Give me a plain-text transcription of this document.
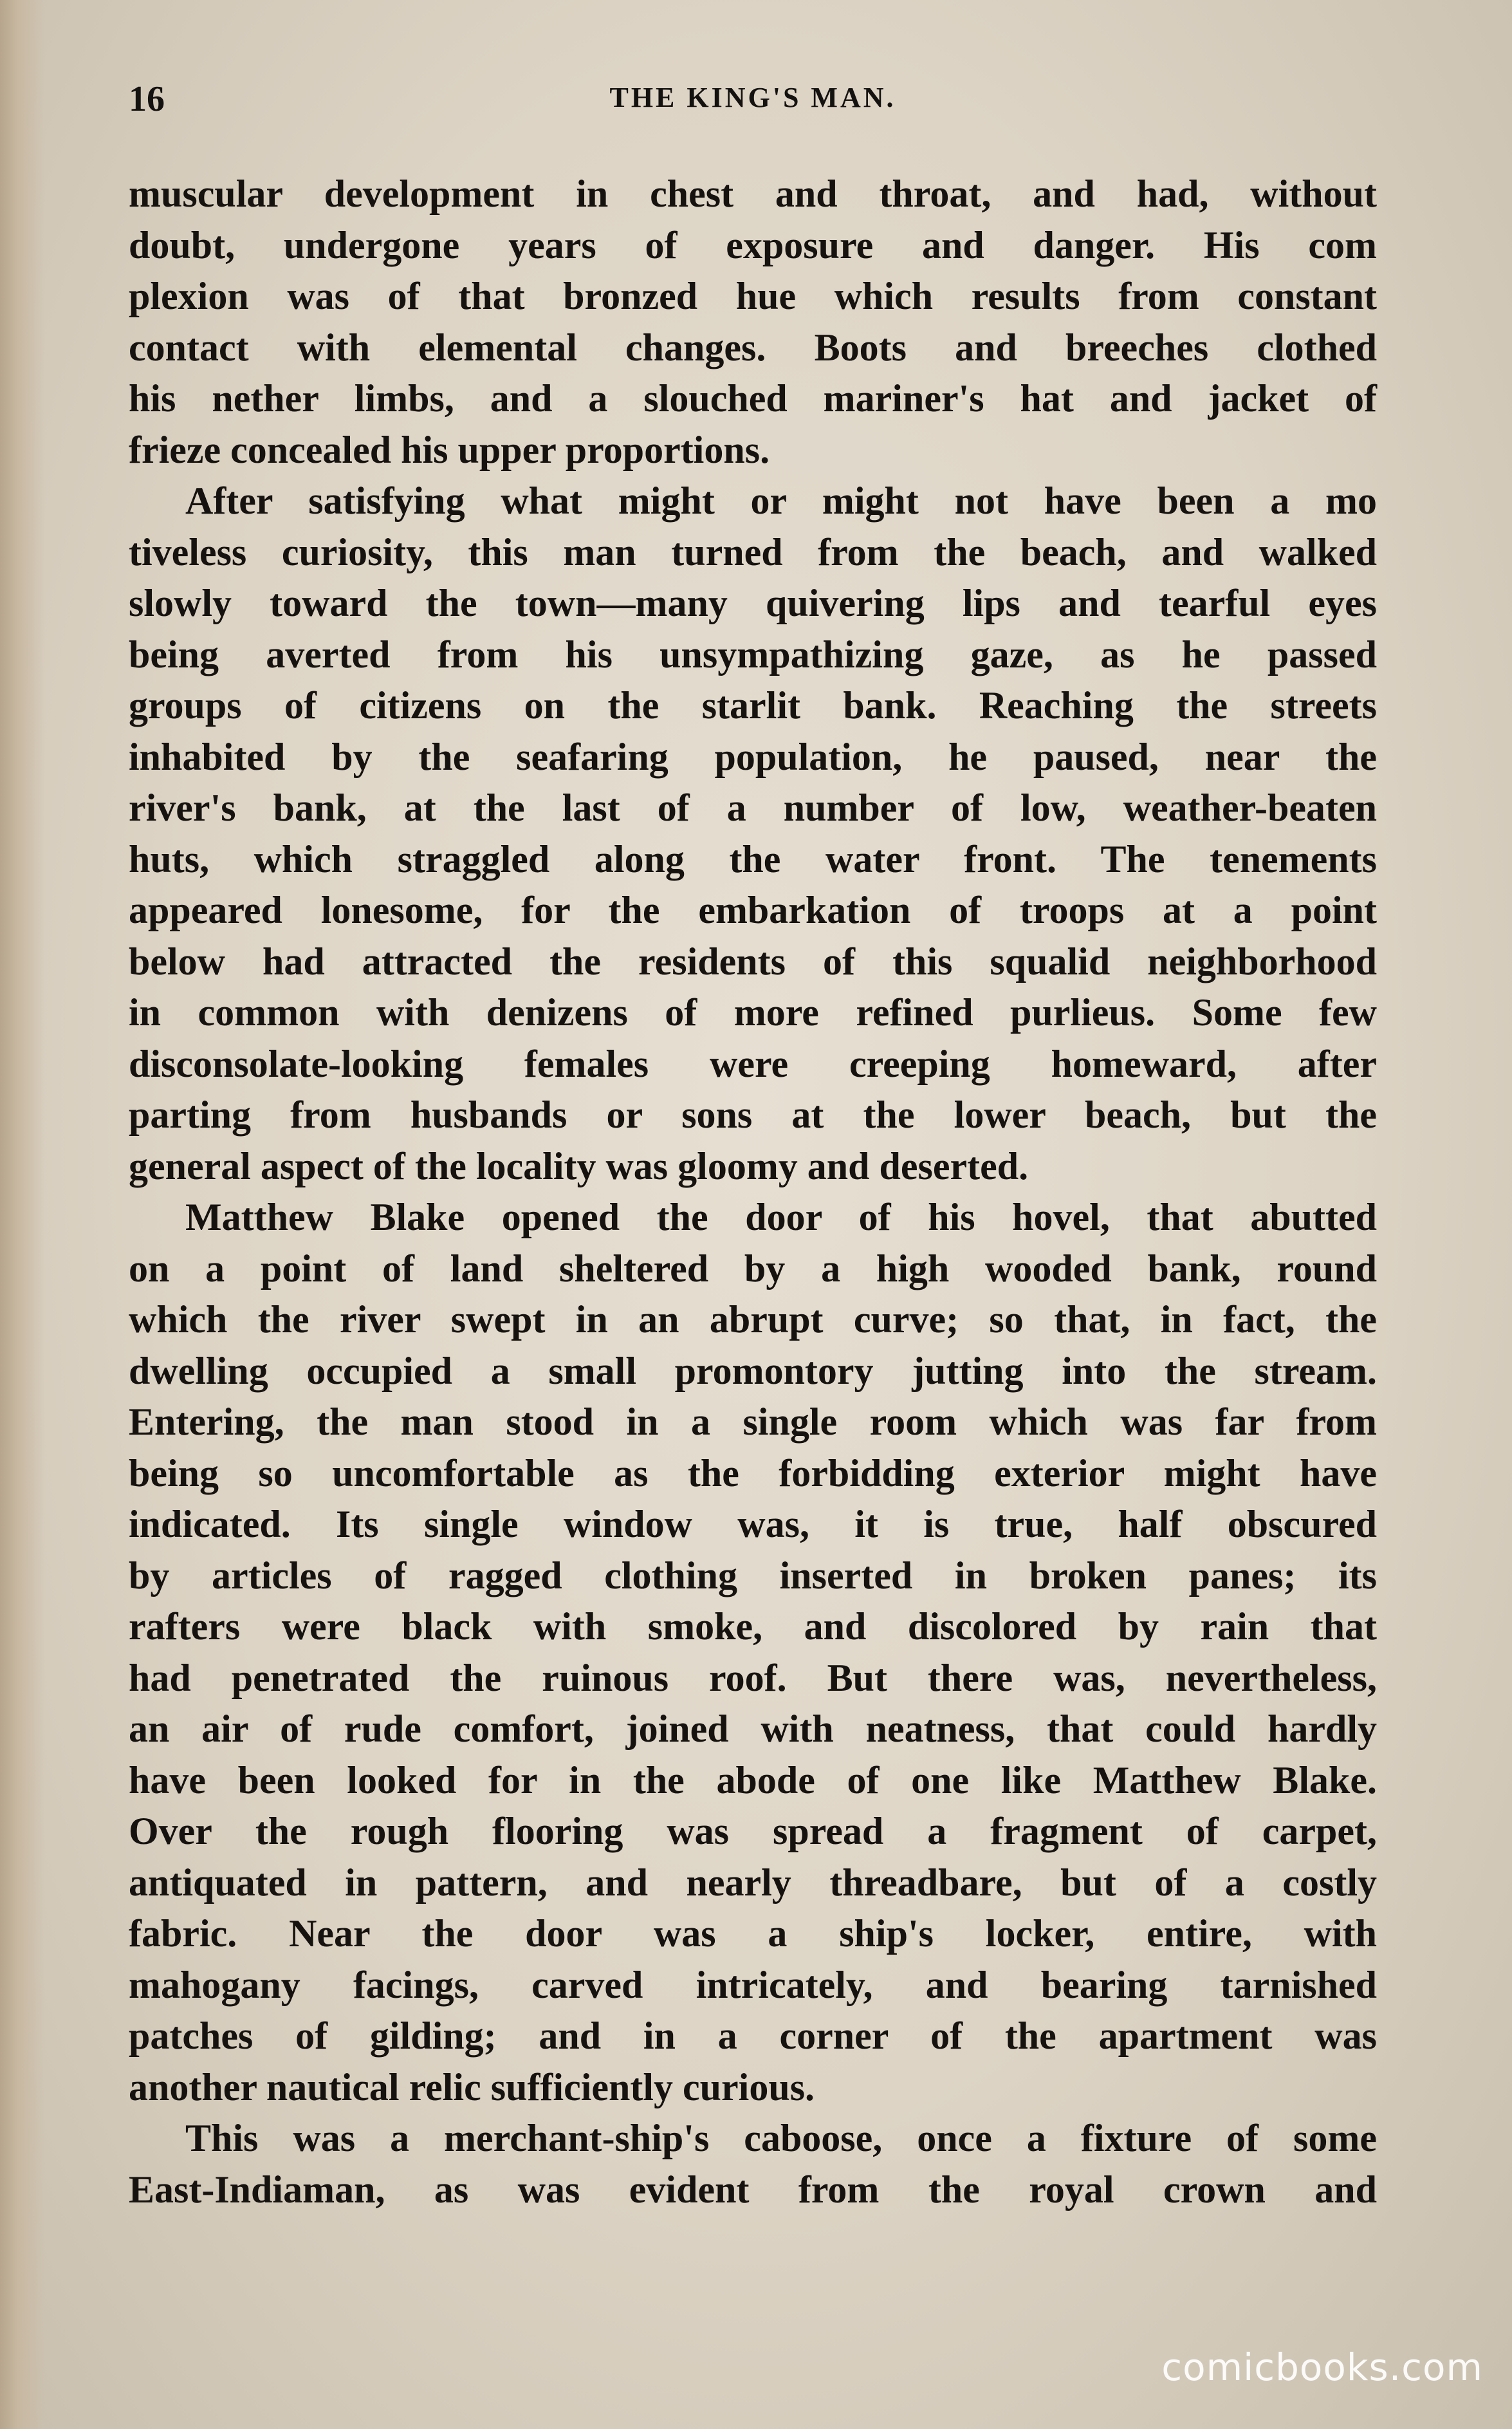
16	THE KING'S MAN.

muscular development in chest and throat, and had, without

doubt, undergone years of exposure and danger. His com

plexion was of that bronzed hue which results from constant

contact with elemental changes. Boots and breeches clothed

his nether limbs, and a slouched mariner's hat and jacket of

frieze concealed his upper proportions.

After satisfying what might or might not have been a mo

tiveless curiosity, this man turned from the beach, and walked

slowly toward the town—many quivering lips and tearful eyes

being averted from his unsympathizing gaze, as he passed

groups of citizens on the starlit bank. Reaching the streets

inhabited by the seafaring population, he paused, near the

river's bank, at the last of a number of low, weather-beaten

huts, which straggled along the water front. The tenements

appeared lonesome, for the embarkation of troops at a point

below had attracted the residents of this squalid neighborhood

in common with denizens of more refined purlieus. Some few

disconsolate-looking females were creeping homeward, after

parting from husbands or sons at the lower beach, but the

general aspect of the locality was gloomy and deserted.

Matthew Blake opened the door of his hovel, that abutted

on a point of land sheltered by a high wooded bank, round

which the river swept in an abrupt curve; so that, in fact, the

dwelling occupied a small promontory jutting into the stream.

Entering, the man stood in a single room which was far from

being so uncomfortable as the forbidding exterior might have

indicated. Its single window was, it is true, half obscured

by articles of ragged clothing inserted in broken panes; its

rafters were black with smoke, and discolored by rain that

had penetrated the ruinous roof. But there was, nevertheless,

an air of rude comfort, joined with neatness, that could hardly

have been looked for in the abode of one like Matthew Blake.

Over the rough flooring was spread a fragment of carpet,

antiquated in pattern, and nearly threadbare, but of a costly

fabric. Near the door was a ship's locker, entire, with

mahogany facings, carved intricately, and bearing tarnished

patches of gilding; and in a corner of the apartment was

another nautical relic sufficiently curious.

This was a merchant-ship's caboose, once a fixture of some

East-Indiaman, as was evident from the royal crown and

comicbooks.com
